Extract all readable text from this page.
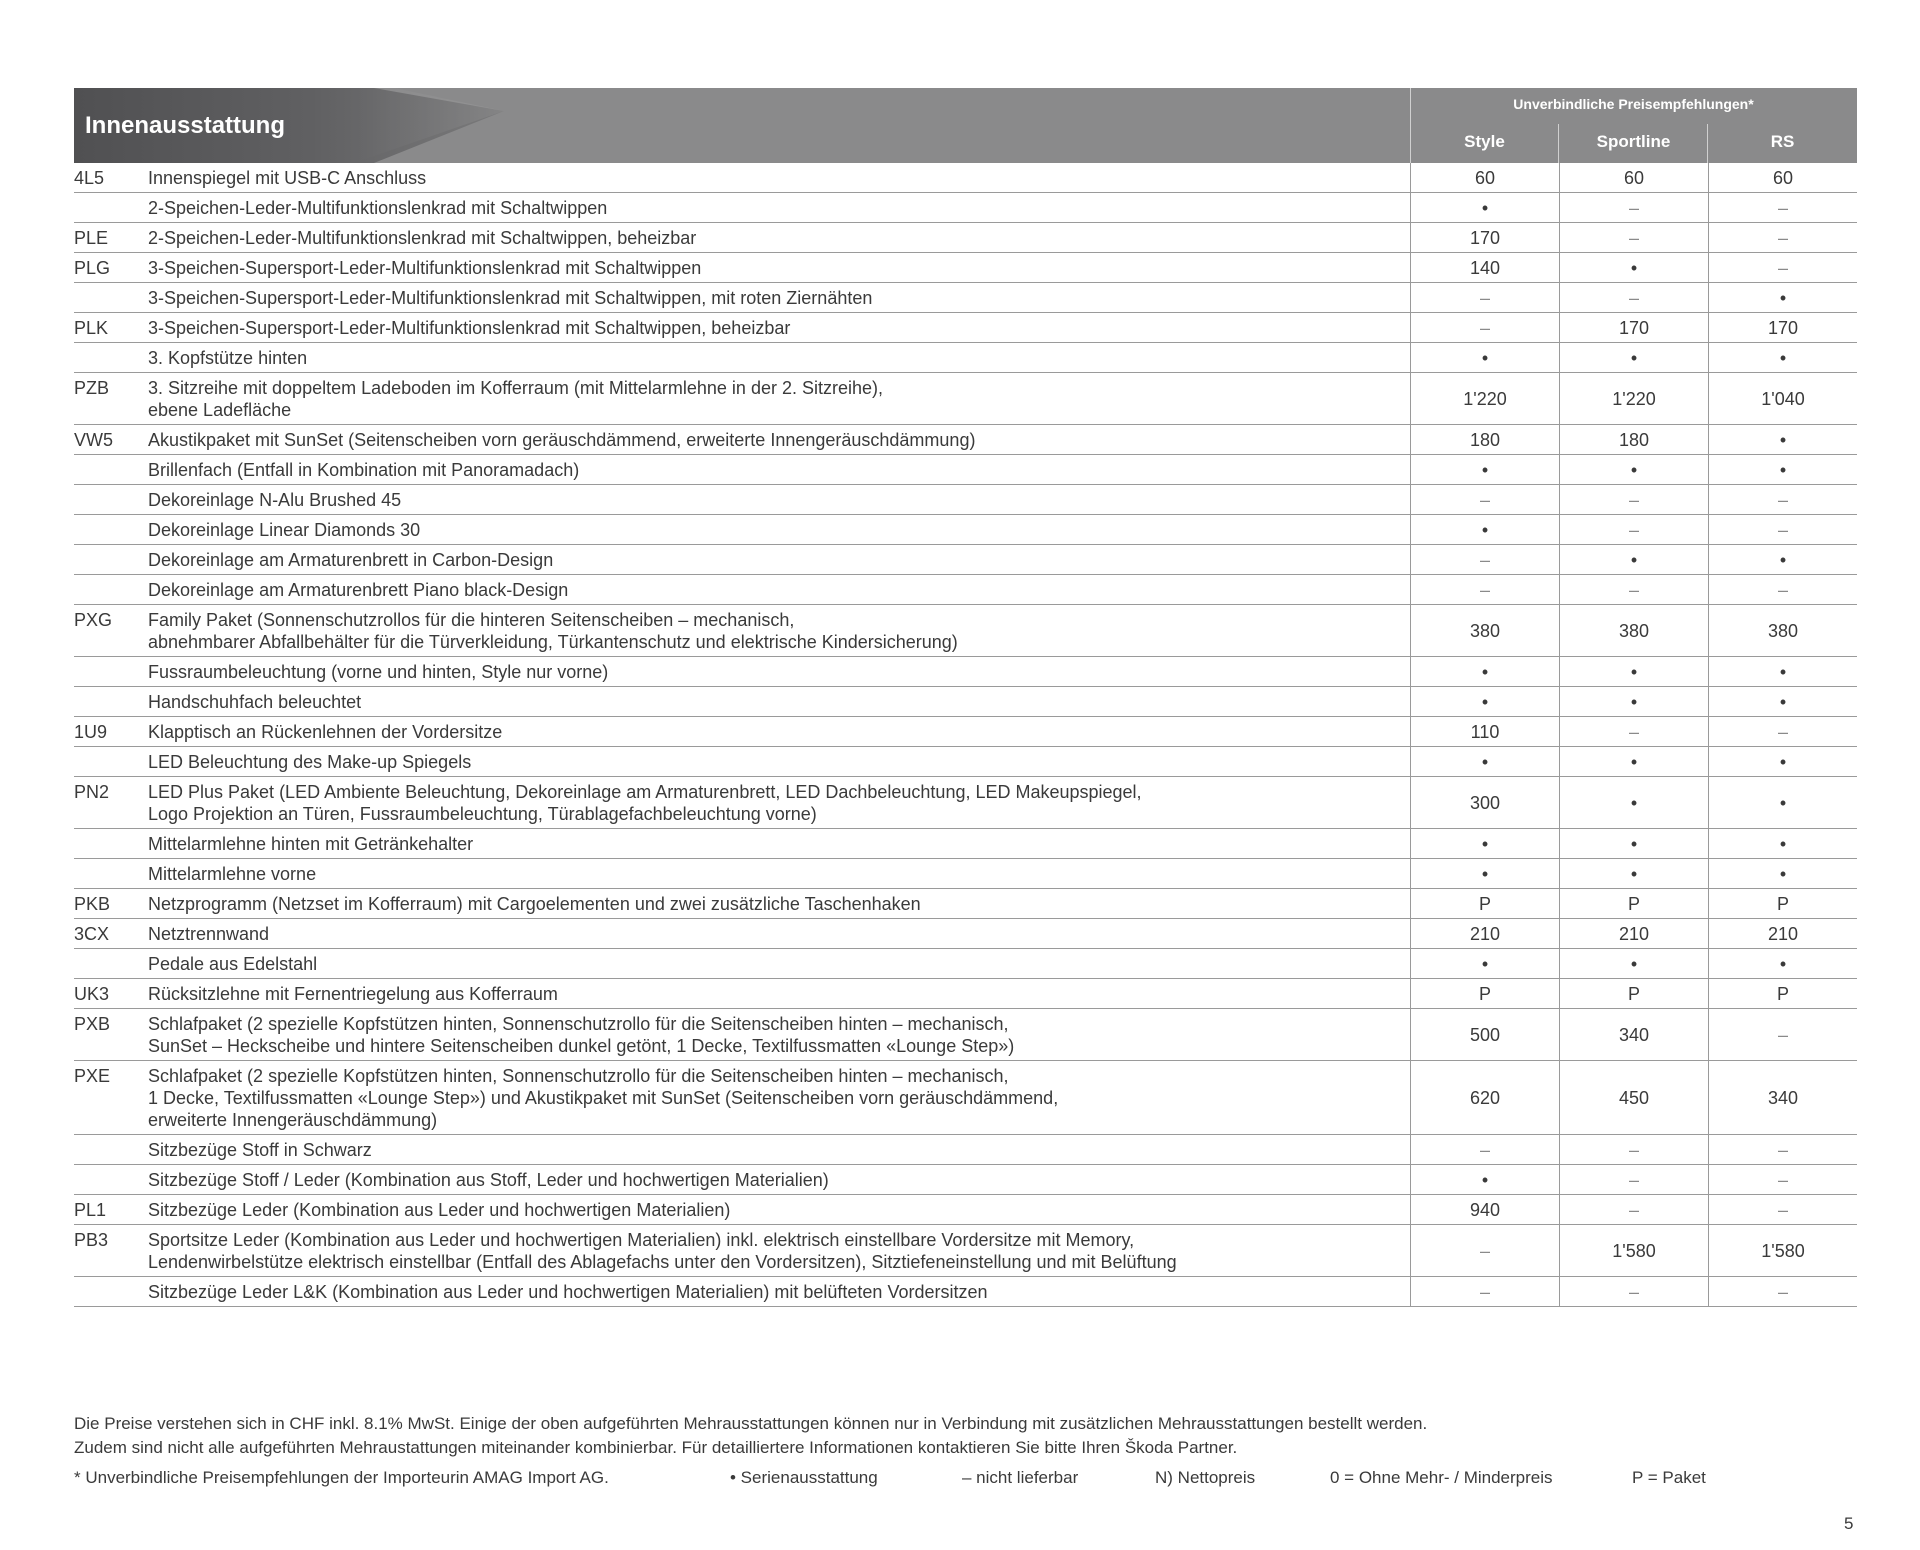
Innenausstattung
Unverbindliche Preisempfehlungen*
Style	Sportline	RS
4L5	Innenspiegel mit USB-C Anschluss	60	60	60
	2-Speichen-Leder-Multifunktionslenkrad mit Schaltwippen	•	–	–
PLE	2-Speichen-Leder-Multifunktionslenkrad mit Schaltwippen, beheizbar	170	–	–
PLG	3-Speichen-Supersport-Leder-Multifunktionslenkrad mit Schaltwippen	140	•	–
	3-Speichen-Supersport-Leder-Multifunktionslenkrad mit Schaltwippen, mit roten Ziernähten	–	–	•
PLK	3-Speichen-Supersport-Leder-Multifunktionslenkrad mit Schaltwippen, beheizbar	–	170	170
	3. Kopfstütze hinten	•	•	•
PZB	3. Sitzreihe mit doppeltem Ladeboden im Kofferraum (mit Mittelarmlehne in der 2. Sitzreihe),
ebene Ladefläche	1'220	1'220	1'040
VW5	Akustikpaket mit SunSet (Seitenscheiben vorn geräuschdämmend, erweiterte Innengeräuschdämmung)	180	180	•
	Brillenfach (Entfall in Kombination mit Panoramadach)	•	•	•
	Dekoreinlage N-Alu Brushed 45	–	–	–
	Dekoreinlage Linear Diamonds 30	•	–	–
	Dekoreinlage am Armaturenbrett in Carbon-Design	–	•	•
	Dekoreinlage am Armaturenbrett Piano black-Design	–	–	–
PXG	Family Paket (Sonnenschutzrollos für die hinteren Seitenscheiben – mechanisch,
abnehmbarer Abfallbehälter für die Türverkleidung, Türkantenschutz und elektrische Kindersicherung)	380	380	380
	Fussraumbeleuchtung (vorne und hinten, Style nur vorne)	•	•	•
	Handschuhfach beleuchtet	•	•	•
1U9	Klapptisch an Rückenlehnen der Vordersitze	110	–	–
	LED Beleuchtung des Make-up Spiegels	•	•	•
PN2	LED Plus Paket (LED Ambiente Beleuchtung, Dekoreinlage am Armaturenbrett, LED Dachbeleuchtung, LED Makeupspiegel,
Logo Projektion an Türen, Fussraumbeleuchtung, Türablagefachbeleuchtung vorne)	300	•	•
	Mittelarmlehne hinten mit Getränkehalter	•	•	•
	Mittelarmlehne vorne	•	•	•
PKB	Netzprogramm (Netzset im Kofferraum) mit Cargoelementen und zwei zusätzliche Taschenhaken	P	P	P
3CX	Netztrennwand	210	210	210
	Pedale aus Edelstahl	•	•	•
UK3	Rücksitzlehne mit Fernentriegelung aus Kofferraum	P	P	P
PXB	Schlafpaket (2 spezielle Kopfstützen hinten, Sonnenschutzrollo für die Seitenscheiben hinten – mechanisch,
SunSet – Heckscheibe und hintere Seitenscheiben dunkel getönt, 1 Decke, Textilfussmatten «Lounge Step»)	500	340	–
PXE	Schlafpaket (2 spezielle Kopfstützen hinten, Sonnenschutzrollo für die Seitenscheiben hinten – mechanisch,
1 Decke, Textilfussmatten «Lounge Step») und Akustikpaket mit SunSet (Seitenscheiben vorn geräuschdämmend,
erweiterte Innengeräuschdämmung)	620	450	340
	Sitzbezüge Stoff in Schwarz	–	–	–
	Sitzbezüge Stoff / Leder (Kombination aus Stoff, Leder und hochwertigen Materialien)	•	–	–
PL1	Sitzbezüge Leder (Kombination aus Leder und hochwertigen Materialien)	940	–	–
PB3	Sportsitze Leder (Kombination aus Leder und hochwertigen Materialien) inkl. elektrisch einstellbare Vordersitze mit Memory,
Lendenwirbelstütze elektrisch einstellbar (Entfall des Ablagefachs unter den Vordersitzen), Sitztiefeneinstellung und mit Belüftung	–	1'580	1'580
	Sitzbezüge Leder L&K (Kombination aus Leder und hochwertigen Materialien) mit belüfteten Vordersitzen	–	–	–
Die Preise verstehen sich in CHF inkl. 8.1% MwSt. Einige der oben aufgeführten Mehrausstattungen können nur in Verbindung mit zusätzlichen Mehrausstattungen bestellt werden.
Zudem sind nicht alle aufgeführten Mehraustattungen miteinander kombinierbar. Für detailliertere Informationen kontaktieren Sie bitte Ihren Škoda Partner.
* Unverbindliche Preisempfehlungen der Importeurin AMAG Import AG.	• Serienausstattung	– nicht lieferbar	N) Nettopreis	0 = Ohne Mehr- / Minderpreis	P = Paket
5
